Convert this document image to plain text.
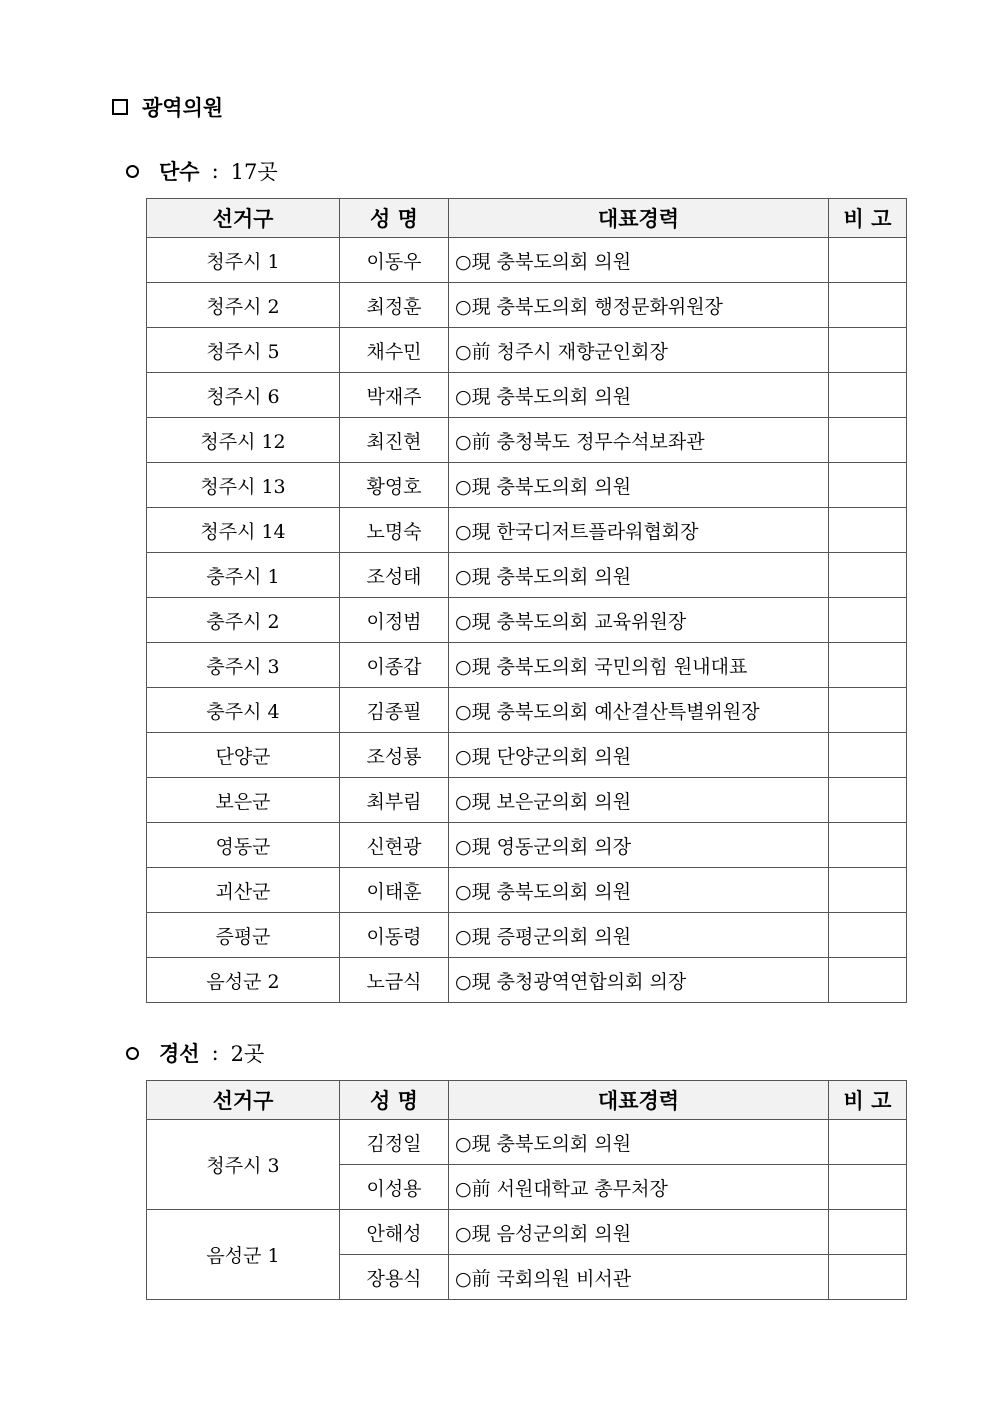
광역의원
단수 : 17곳
선거구	성 명	대표경력	비 고
청주시 1	이동우	○現 충북도의회 의원	
청주시 2	최정훈	○現 충북도의회 행정문화위원장	
청주시 5	채수민	○前 청주시 재향군인회장	
청주시 6	박재주	○現 충북도의회 의원	
청주시 12	최진현	○前 충청북도 정무수석보좌관	
청주시 13	황영호	○現 충북도의회 의원	
청주시 14	노명숙	○現 한국디저트플라워협회장	
충주시 1	조성태	○現 충북도의회 의원	
충주시 2	이정범	○現 충북도의회 교육위원장	
충주시 3	이종갑	○現 충북도의회 국민의힘 원내대표	
충주시 4	김종필	○現 충북도의회 예산결산특별위원장	
단양군	조성룡	○現 단양군의회 의원	
보은군	최부림	○現 보은군의회 의원	
영동군	신현광	○現 영동군의회 의장	
괴산군	이태훈	○現 충북도의회 의원	
증평군	이동령	○現 증평군의회 의원	
음성군 2	노금식	○現 충청광역연합의회 의장	
경선 : 2곳
선거구	성 명	대표경력	비 고
청주시 3	김정일	○現 충북도의회 의원	
	이성용	○前 서원대학교 총무처장	
음성군 1	안해성	○現 음성군의회 의원	
	장용식	○前 국회의원 비서관	
